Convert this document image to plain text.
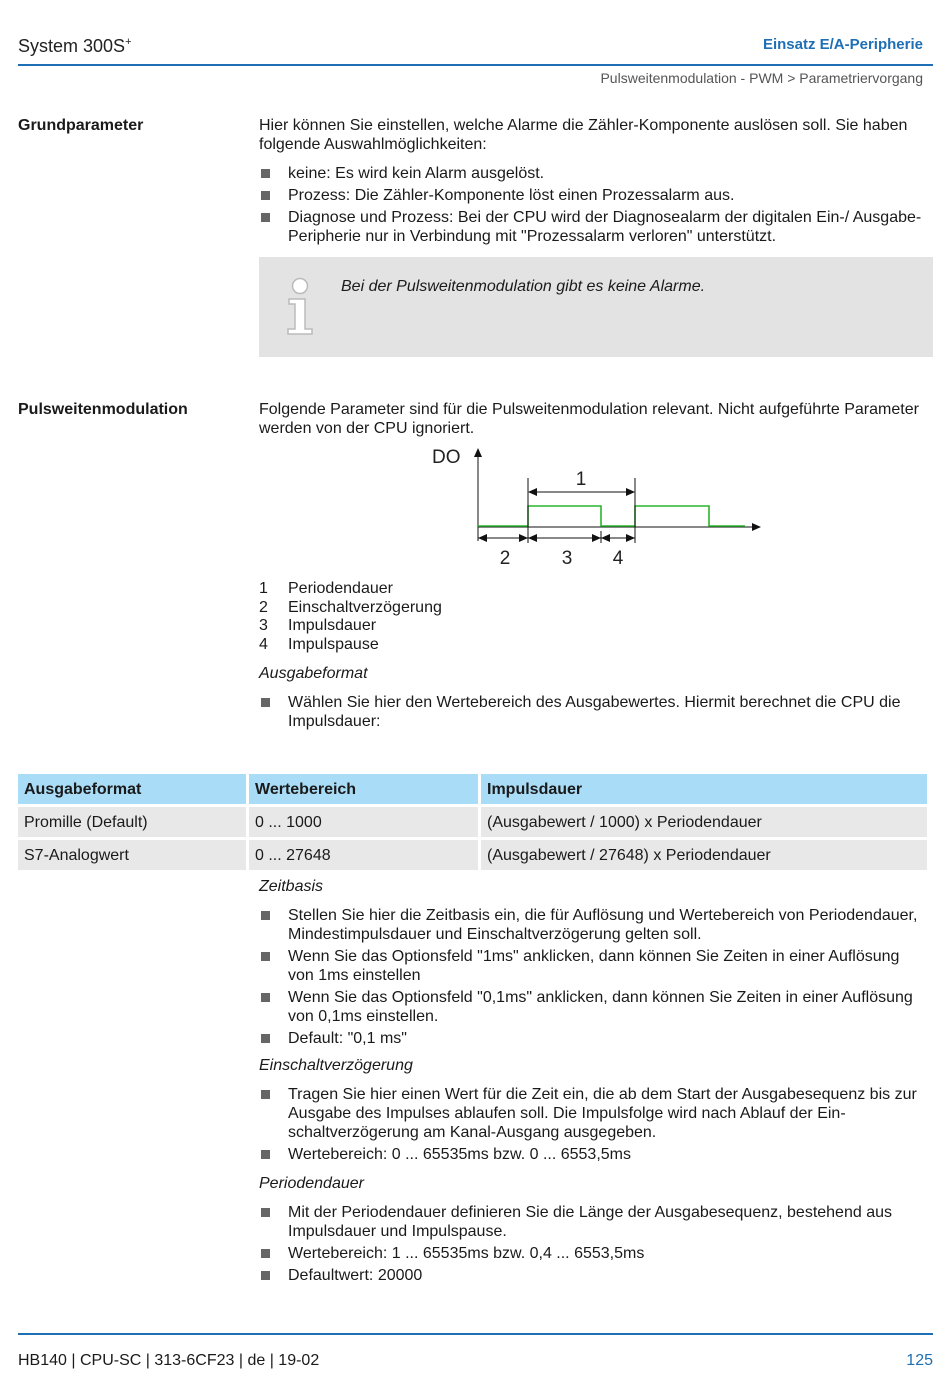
System 300S+	Einsatz E/A-Peripherie
Pulsweitenmodulation - PWM > Parametriervorgang
Grundparameter	Hier können Sie einstellen, welche Alarme die Zähler-Komponente auslösen soll. Sie haben folgende Auswahlmöglichkeiten:
keine: Es wird kein Alarm ausgelöst.
Prozess: Die Zähler-Komponente löst einen Prozessalarm aus.
Diagnose und Prozess: Bei der CPU wird der Diagnosealarm der digitalen Ein-/ Ausgabe-Peripherie nur in Verbindung mit "Prozessalarm verloren" unterstützt.
Bei der Pulsweitenmodulation gibt es keine Alarme.
Pulsweitenmodulation	Folgende Parameter sind für die Pulsweitenmodulation relevant. Nicht aufgeführte Parameter werden von der CPU ignoriert.
DO
1
2	3 4
1	Periodendauer
2	Einschaltverzögerung
3	Impulsdauer
4	Impulspause
Ausgabeformat
Wählen Sie hier den Wertebereich des Ausgabewertes. Hiermit berechnet die CPU die Impulsdauer:
Ausgabeformat	Wertebereich	Impulsdauer
Promille (Default)	0 ... 1000	(Ausgabewert / 1000) x Periodendauer
S7-Analogwert	0 ... 27648	(Ausgabewert / 27648) x Periodendauer
Zeitbasis
Stellen Sie hier die Zeitbasis ein, die für Auflösung und Wertebereich von Periodendauer, Mindestimpulsdauer und Einschaltverzögerung gelten soll.
Wenn Sie das Optionsfeld "1ms" anklicken, dann können Sie Zeiten in einer Auflösung von 1ms einstellen
Wenn Sie das Optionsfeld "0,1ms" anklicken, dann können Sie Zeiten in einer Auflösung von 0,1ms einstellen.
Default: "0,1 ms"
Einschaltverzögerung
Tragen Sie hier einen Wert für die Zeit ein, die ab dem Start der Ausgabesequenz bis zur Ausgabe des Impulses ablaufen soll. Die Impulsfolge wird nach Ablauf der Einschaltverzögerung am Kanal-Ausgang ausgegeben.
Wertebereich: 0 ... 65535ms bzw. 0 ... 6553,5ms
Periodendauer
Mit der Periodendauer definieren Sie die Länge der Ausgabesequenz, bestehend aus Impulsdauer und Impulspause.
Wertebereich: 1 ... 65535ms bzw. 0,4 ... 6553,5ms
Defaultwert: 20000
HB140 | CPU-SC | 313-6CF23 | de | 19-02	125
